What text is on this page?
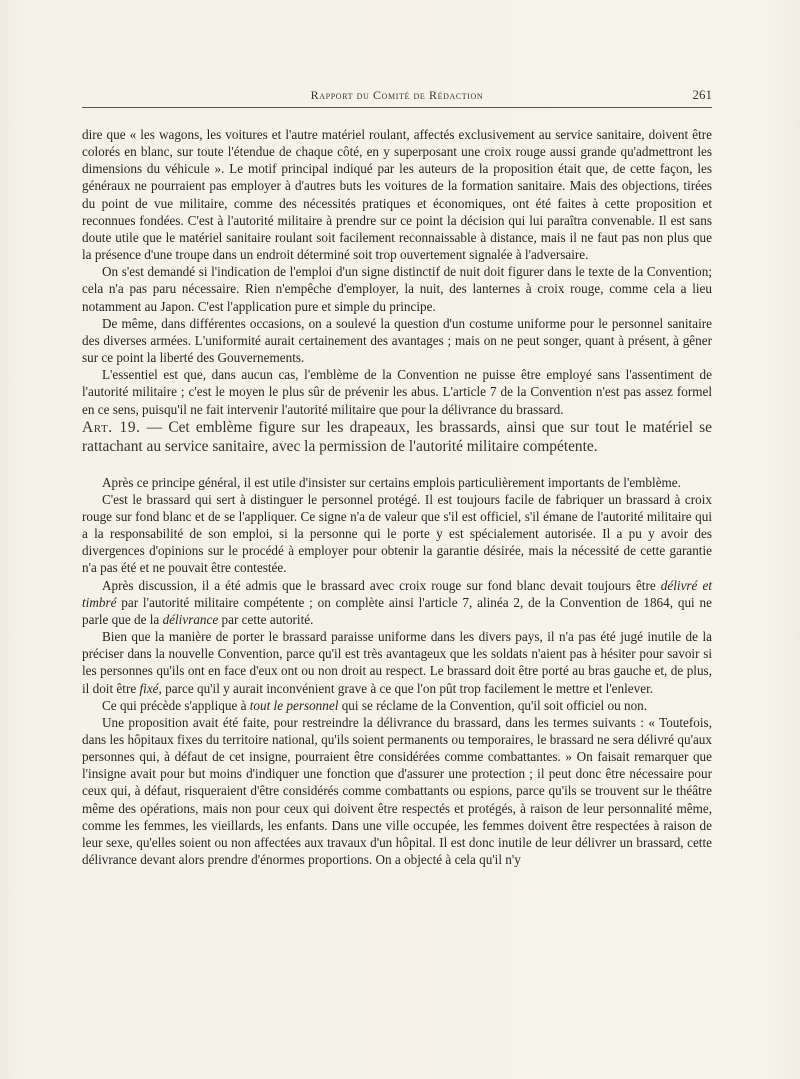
Rapport du Comité de Rédaction	261

dire que « les wagons, les voitures et l'autre matériel roulant, affectés exclusivement au service sanitaire, doivent être colorés en blanc, sur toute l'étendue de chaque côté, en y superposant une croix rouge aussi grande qu'admettront les dimensions du véhicule ». Le motif principal indiqué par les auteurs de la proposition était que, de cette façon, les généraux ne pourraient pas employer à d'autres buts les voitures de la formation sanitaire. Mais des objections, tirées du point de vue militaire, comme des nécessités pratiques et économiques, ont été faites à cette proposition et reconnues fondées. C'est à l'autorité militaire à prendre sur ce point la décision qui lui paraîtra convenable. Il est sans doute utile que le matériel sanitaire roulant soit facilement reconnaissable à distance, mais il ne faut pas non plus que la présence d'une troupe dans un endroit déterminé soit trop ouvertement signalée à l'adversaire.

On s'est demandé si l'indication de l'emploi d'un signe distinctif de nuit doit figurer dans le texte de la Convention; cela n'a pas paru nécessaire. Rien n'empêche d'employer, la nuit, des lanternes à croix rouge, comme cela a lieu notamment au Japon. C'est l'application pure et simple du principe.

De même, dans différentes occasions, on a soulevé la question d'un costume uniforme pour le personnel sanitaire des diverses armées. L'uniformité aurait certainement des avantages ; mais on ne peut songer, quant à présent, à gêner sur ce point la liberté des Gouvernements.

L'essentiel est que, dans aucun cas, l'emblème de la Convention ne puisse être employé sans l'assentiment de l'autorité militaire ; c'est le moyen le plus sûr de prévenir les abus. L'article 7 de la Convention n'est pas assez formel en ce sens, puisqu'il ne fait intervenir l'autorité militaire que pour la délivrance du brassard.

Art. 19. — Cet emblème figure sur les drapeaux, les brassards, ainsi que sur tout le matériel se rattachant au service sanitaire, avec la permission de l'autorité militaire compétente.

Après ce principe général, il est utile d'insister sur certains emplois particulièrement importants de l'emblème.

C'est le brassard qui sert à distinguer le personnel protégé. Il est toujours facile de fabriquer un brassard à croix rouge sur fond blanc et de se l'appliquer. Ce signe n'a de valeur que s'il est officiel, s'il émane de l'autorité militaire qui a la responsabilité de son emploi, si la personne qui le porte y est spécialement autorisée. Il a pu y avoir des divergences d'opinions sur le procédé à employer pour obtenir la garantie désirée, mais la nécessité de cette garantie n'a pas été et ne pouvait être contestée.

Après discussion, il a été admis que le brassard avec croix rouge sur fond blanc devait toujours être délivré et timbré par l'autorité militaire compétente ; on complète ainsi l'article 7, alinéa 2, de la Convention de 1864, qui ne parle que de la délivrance par cette autorité.

Bien que la manière de porter le brassard paraisse uniforme dans les divers pays, il n'a pas été jugé inutile de la préciser dans la nouvelle Convention, parce qu'il est très avantageux que les soldats n'aient pas à hésiter pour savoir si les personnes qu'ils ont en face d'eux ont ou non droit au respect. Le brassard doit être porté au bras gauche et, de plus, il doit être fixé, parce qu'il y aurait inconvénient grave à ce que l'on pût trop facilement le mettre et l'enlever.

Ce qui précède s'applique à tout le personnel qui se réclame de la Convention, qu'il soit officiel ou non.

Une proposition avait été faite, pour restreindre la délivrance du brassard, dans les termes suivants : « Toutefois, dans les hôpitaux fixes du territoire national, qu'ils soient permanents ou temporaires, le brassard ne sera délivré qu'aux personnes qui, à défaut de cet insigne, pourraient être considérées comme combattantes. » On faisait remarquer que l'insigne avait pour but moins d'indiquer une fonction que d'assurer une protection ; il peut donc être nécessaire pour ceux qui, à défaut, risqueraient d'être considérés comme combattants ou espions, parce qu'ils se trouvent sur le théâtre même des opérations, mais non pour ceux qui doivent être respectés et protégés, à raison de leur personnalité même, comme les femmes, les vieillards, les enfants. Dans une ville occupée, les femmes doivent être respectées à raison de leur sexe, qu'elles soient ou non affectées aux travaux d'un hôpital. Il est donc inutile de leur délivrer un brassard, cette délivrance devant alors prendre d'énormes proportions. On a objecté à cela qu'il n'y
